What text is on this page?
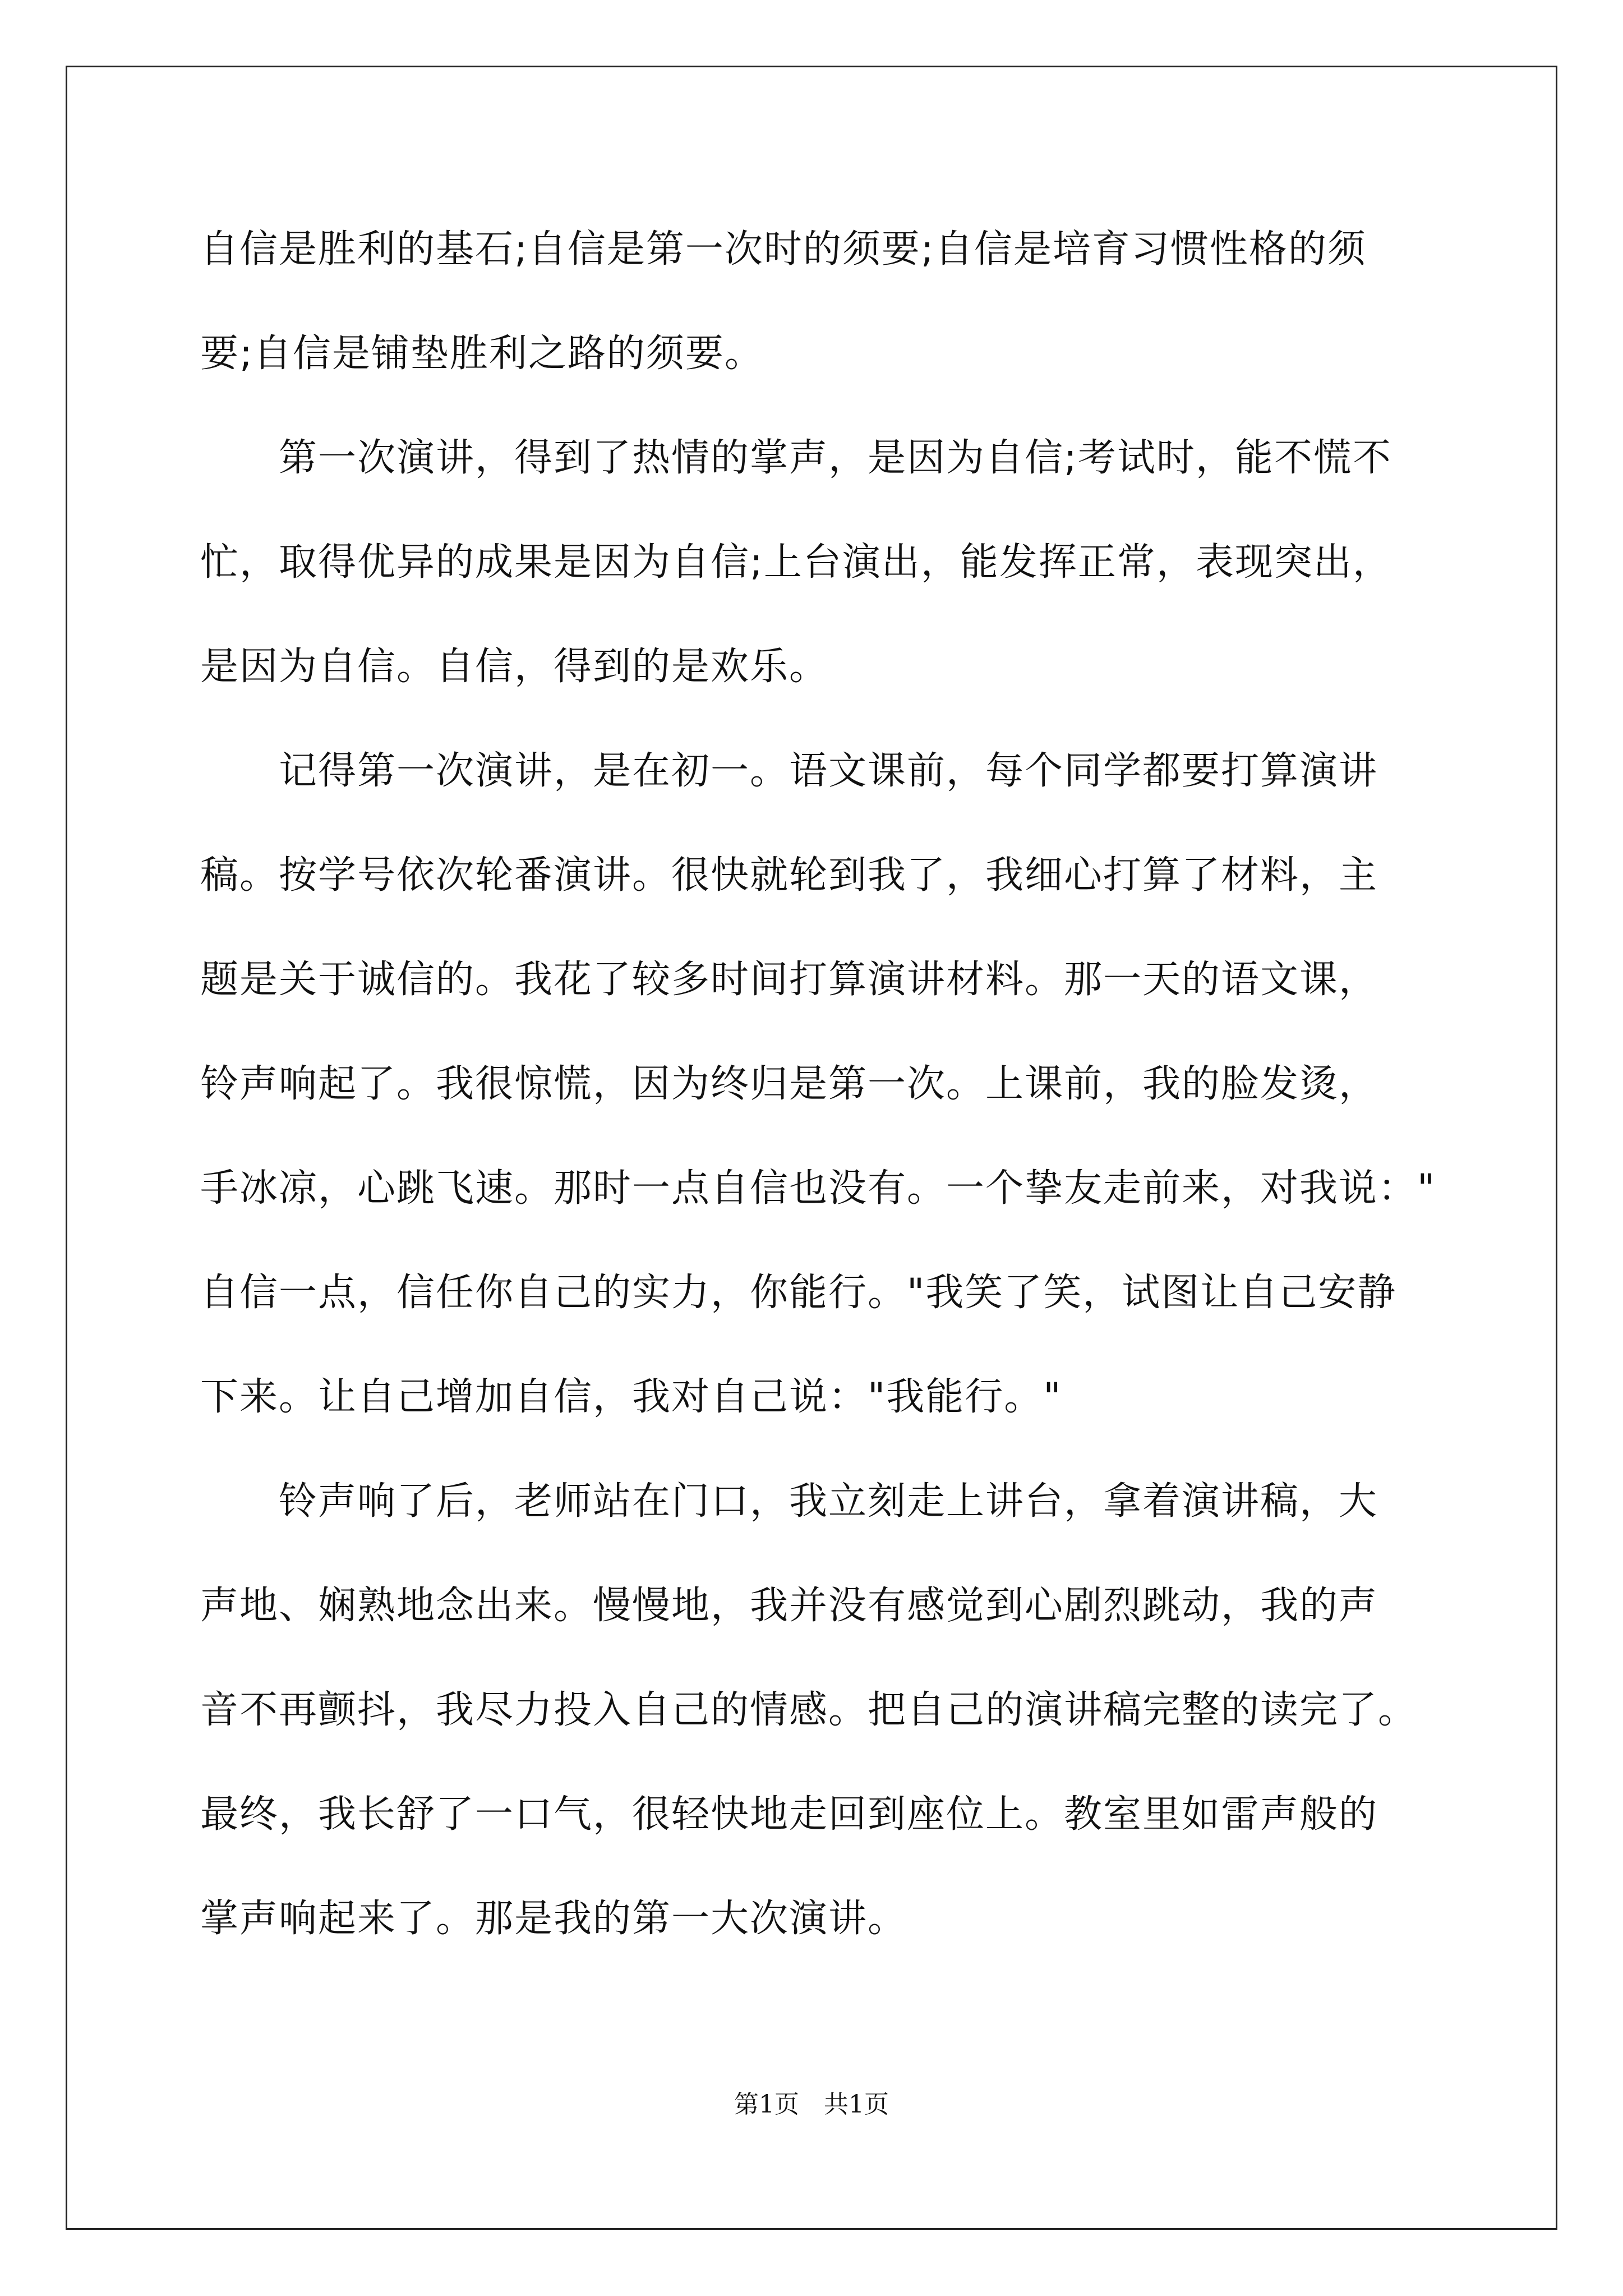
自信是胜利的基石;自信是第一次时的须要;自信是培育习惯性格的须
要;自信是铺垫胜利之路的须要。
　　第一次演讲，得到了热情的掌声，是因为自信;考试时，能不慌不
忙，取得优异的成果是因为自信;上台演出，能发挥正常，表现突出，
是因为自信。自信，得到的是欢乐。
　　记得第一次演讲，是在初一。语文课前，每个同学都要打算演讲
稿。按学号依次轮番演讲。很快就轮到我了，我细心打算了材料，主
题是关于诚信的。我花了较多时间打算演讲材料。那一天的语文课，
铃声响起了。我很惊慌，因为终归是第一次。上课前，我的脸发烫，
手冰凉，心跳飞速。那时一点自信也没有。一个挚友走前来，对我说："
自信一点，信任你自己的实力，你能行。"我笑了笑，试图让自己安静
下来。让自己增加自信，我对自己说："我能行。"
　　铃声响了后，老师站在门口，我立刻走上讲台，拿着演讲稿，大
声地、娴熟地念出来。慢慢地，我并没有感觉到心剧烈跳动，我的声
音不再颤抖，我尽力投入自己的情感。把自己的演讲稿完整的读完了。
最终，我长舒了一口气，很轻快地走回到座位上。教室里如雷声般的
掌声响起来了。那是我的第一大次演讲。
第1页　共1页
